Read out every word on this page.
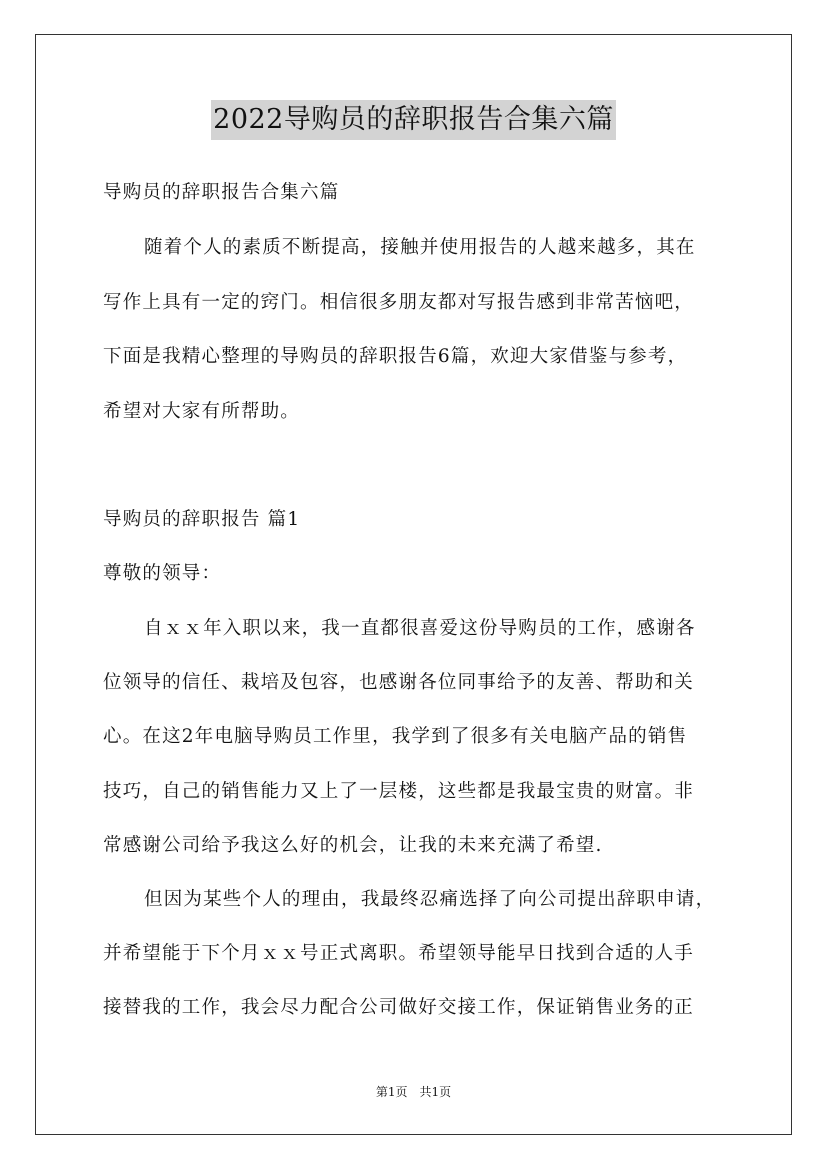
2022导购员的辞职报告合集六篇
导购员的辞职报告合集六篇
随着个人的素质不断提高，接触并使用报告的人越来越多，其在
写作上具有一定的窍门。相信很多朋友都对写报告感到非常苦恼吧，
下面是我精心整理的导购员的辞职报告6篇，欢迎大家借鉴与参考，
希望对大家有所帮助。
导购员的辞职报告 篇1
尊敬的领导：
自ｘｘ年入职以来，我一直都很喜爱这份导购员的工作，感谢各
位领导的信任、栽培及包容，也感谢各位同事给予的友善、帮助和关
心。在这2年电脑导购员工作里，我学到了很多有关电脑产品的销售
技巧，自己的销售能力又上了一层楼，这些都是我最宝贵的财富。非
常感谢公司给予我这么好的机会，让我的未来充满了希望.
但因为某些个人的理由，我最终忍痛选择了向公司提出辞职申请，
并希望能于下个月ｘｘ号正式离职。希望领导能早日找到合适的人手
接替我的工作，我会尽力配合公司做好交接工作，保证销售业务的正
第1页　共1页
